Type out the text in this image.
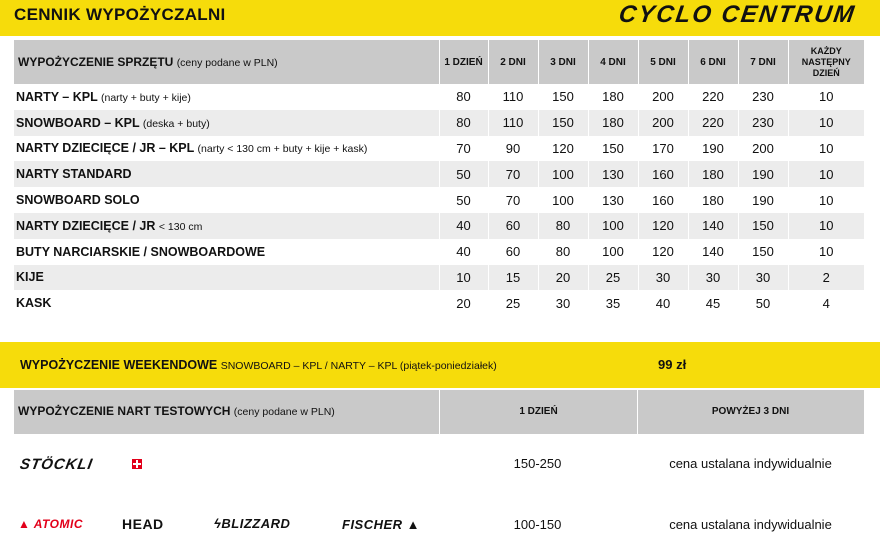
CENNIK WYPOŻYCZALNI	CYCLO CENTRUM
WYPOŻYCZENIE SPRZĘTU (ceny podane w PLN)	1 DZIEŃ	2 DNI	3 DNI	4 DNI	5 DNI	6 DNI	7 DNI	KAŻDY
NASTĘPNY
DZIEŃ
NARTY – KPL (narty + buty + kije)	80	110	150	180	200	220	230	10
SNOWBOARD – KPL (deska + buty)	80	110	150	180	200	220	230	10
NARTY DZIECIĘCE / JR – KPL (narty < 130 cm + buty + kije + kask)	70	90	120	150	170	190	200	10
NARTY STANDARD	50	70	100	130	160	180	190	10
SNOWBOARD SOLO	50	70	100	130	160	180	190	10
NARTY DZIECIĘCE / JR < 130 cm	40	60	80	100	120	140	150	10
BUTY NARCIARSKIE / SNOWBOARDOWE	40	60	80	100	120	140	150	10
KIJE	10	15	20	25	30	30	30	2
KASK	20	25	30	35	40	45	50	4
WYPOŻYCZENIE WEEKENDOWE SNOWBOARD – KPL / NARTY – KPL (piątek-poniedziałek)	99 zł
WYPOŻYCZENIE NART TESTOWYCH (ceny podane w PLN)	1 DZIEŃ	POWYŻEJ 3 DNI
STÖCKLI	150-250	cena ustalana indywidualnie
▲ ATOMIC	HEAD	ϟBLIZZARD	FISCHER ▲	100-150	cena ustalana indywidualnie
